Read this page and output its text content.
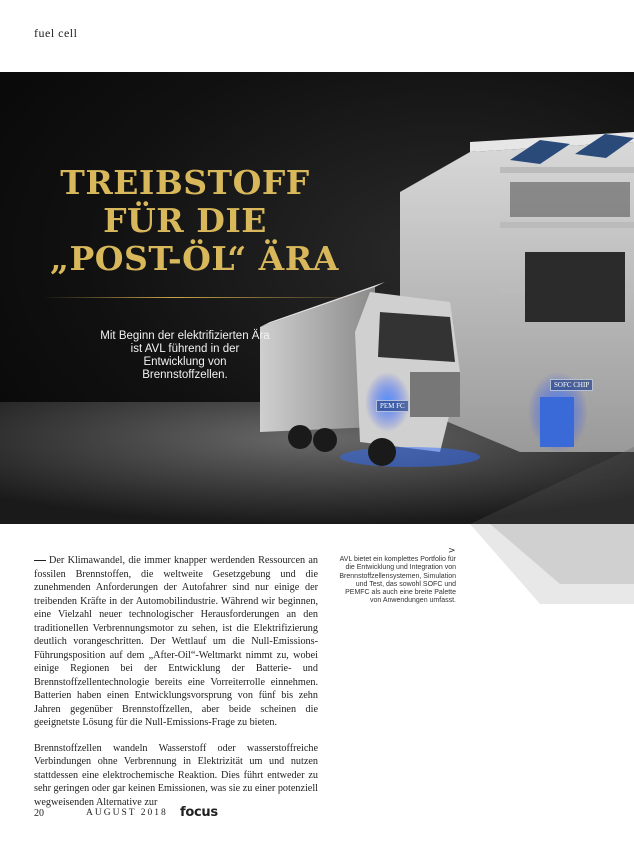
fuel cell
TREIBSTOFF
FÜR DIE
„POST-ÖL“ ÄRA
Mit Beginn der elektrifizierten Ära ist AVL führend in der Entwicklung von Brennstoffzellen.
PEM FC
SOFC CHIP

Der Klimawandel, die immer knapper werdenden Ressourcen an fossilen Brennstoffen, die weltweite Gesetzgebung und die zunehmenden Anforderungen der Autofahrer sind nur einige der treibenden Kräfte in der Automobilindustrie. Während wir beginnen, eine Vielzahl neuer technologischer Herausforderungen an den traditionellen Verbrennungsmotor zu sehen, ist die Elektrifizierung deutlich vorangeschritten. Der Wettlauf um die Null-Emissions-Führungsposition auf dem „After-Oil“-Weltmarkt nimmt zu, wobei einige Regionen bei der Entwicklung der Batterie- und Brennstoffzellentechnologie bereits eine Vorreiterrolle einnehmen. Batterien haben einen Entwicklungsvorsprung von fünf bis zehn Jahren gegenüber Brennstoffzellen, aber beide scheinen die geeignetste Lösung für die Null-Emissions-Frage zu bieten.

Brennstoffzellen wandeln Wasserstoff oder wasserstoffreiche Verbindungen ohne Verbrennung in Elektrizität um und nutzen stattdessen eine elektrochemische Reaktion. Dies führt entweder zu sehr geringen oder gar keinen Emissionen, was sie zu einer potenziell wegweisenden Alternative zur

>
AVL bietet ein komplettes Portfolio für die Entwicklung und Integration von Brennstoffzellensystemen, Simulation und Test, das sowohl SOFC und PEMFC als auch eine breite Palette von Anwendungen umfasst.
20	AUGUST 2018 focus
